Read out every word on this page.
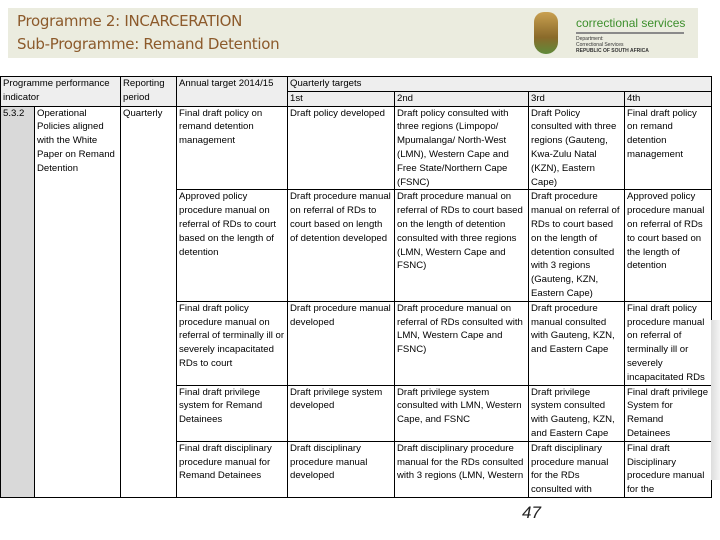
Programme 2: INCARCERATION
Sub-Programme: Remand Detention
correctional services
Department:
Correctional Services
REPUBLIC OF SOUTH AFRICA
Programme performance indicator		Reporting period	Annual target 2014/15	Quarterly targets			
				1st	2nd	3rd	4th
5.3.2	Operational Policies aligned with the White Paper on Remand Detention	Quarterly	Final draft policy on remand detention management	Draft policy developed	Draft policy consulted with three regions (Limpopo/ Mpumalanga/ North-West (LMN), Western Cape and Free State/Northern Cape (FSNC)	Draft Policy consulted with three regions (Gauteng, Kwa-Zulu Natal (KZN), Eastern Cape)	Final draft policy on remand detention management
			Approved policy procedure manual on referral of RDs to court based on the length of detention	Draft procedure manual on referral of RDs to court based on length of detention developed	Draft procedure manual on referral of RDs to court based on the length of detention consulted with three regions (LMN, Western Cape and FSNC)	Draft procedure manual on referral of RDs to court based on the length of detention consulted with 3 regions (Gauteng, KZN, Eastern Cape)	Approved policy procedure manual on referral of RDs to court based on the length of detention
			Final draft policy procedure manual on referral of terminally ill or severely incapacitated RDs to court	Draft procedure manual developed	Draft procedure manual on referral of RDs consulted with LMN, Western Cape and FSNC)	Draft procedure manual consulted with Gauteng, KZN, and Eastern Cape	Final draft policy procedure manual on referral of terminally ill or severely incapacitated RDs
			Final draft privilege system for Remand Detainees	Draft privilege system developed	Draft privilege system consulted with LMN, Western Cape, and FSNC	Draft privilege system consulted with Gauteng, KZN, and Eastern Cape	Final draft privilege System for Remand Detainees
			Final draft disciplinary procedure manual for Remand Detainees	Draft disciplinary procedure manual developed	Draft disciplinary procedure manual for the RDs consulted with 3 regions (LMN, Western	Draft disciplinary procedure manual for the RDs consulted with	Final draft Disciplinary procedure manual for the
47
